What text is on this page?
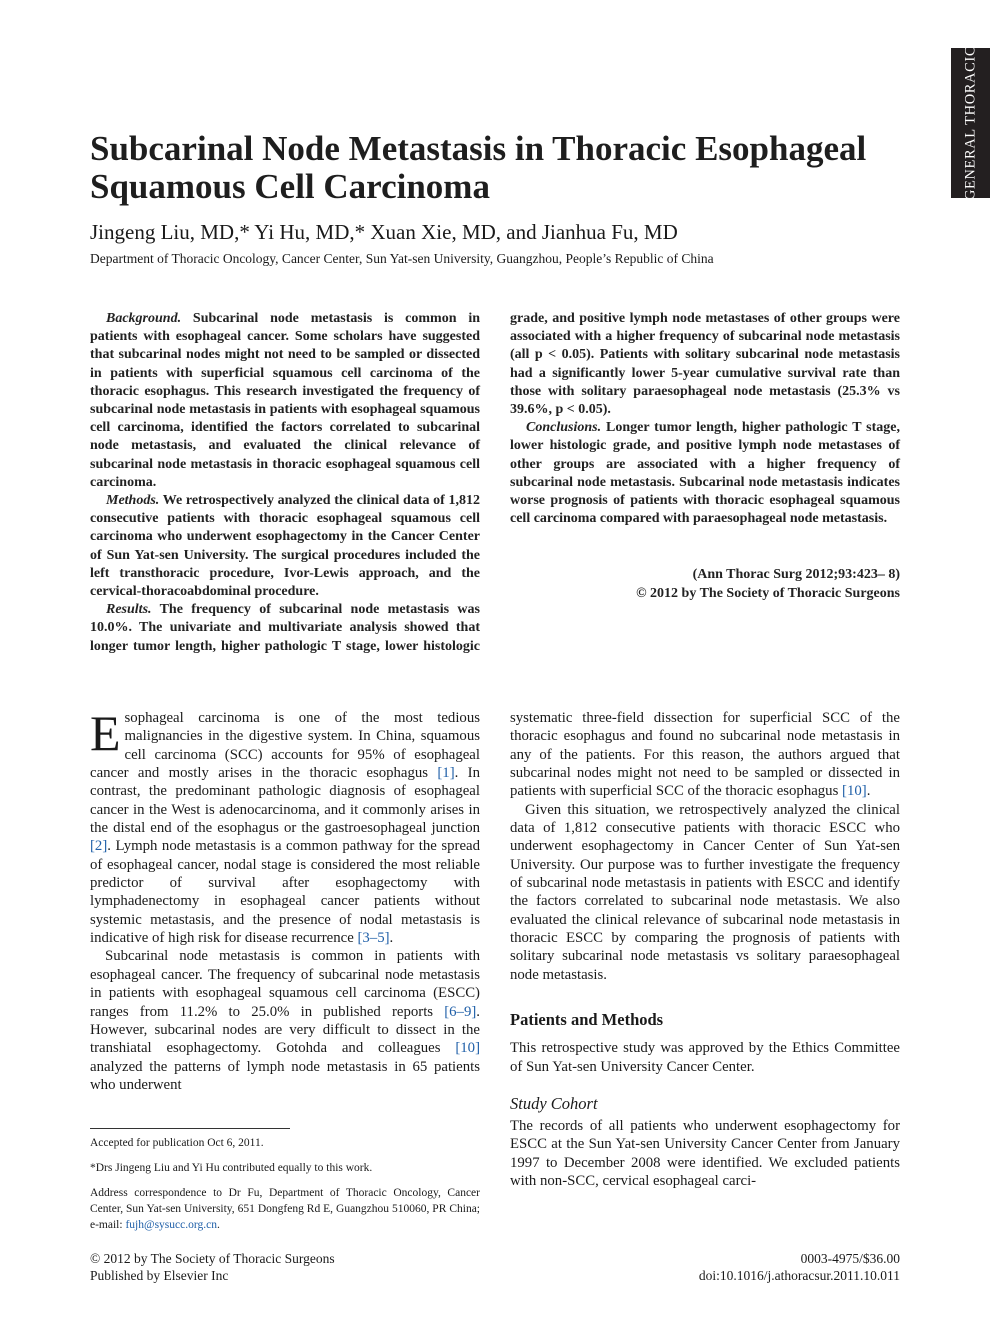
GENERAL THORACIC
Subcarinal Node Metastasis in Thoracic Esophageal Squamous Cell Carcinoma
Jingeng Liu, MD,* Yi Hu, MD,* Xuan Xie, MD, and Jianhua Fu, MD
Department of Thoracic Oncology, Cancer Center, Sun Yat-sen University, Guangzhou, People’s Republic of China

Background. Subcarinal node metastasis is common in patients with esophageal cancer. Some scholars have suggested that subcarinal nodes might not need to be sampled or dissected in patients with superficial squamous cell carcinoma of the thoracic esophagus. This research investigated the frequency of subcarinal node metastasis in patients with esophageal squamous cell carcinoma, identified the factors correlated to subcarinal node metastasis, and evaluated the clinical relevance of subcarinal node metastasis in thoracic esophageal squamous cell carcinoma.

Methods. We retrospectively analyzed the clinical data of 1,812 consecutive patients with thoracic esophageal squamous cell carcinoma who underwent esophagectomy in the Cancer Center of Sun Yat-sen University. The surgical procedures included the left transthoracic procedure, Ivor-Lewis approach, and the cervical-thoracoabdominal procedure.

Results. The frequency of subcarinal node metastasis was 10.0%. The univariate and multivariate analysis showed that longer tumor length, higher pathologic T stage, lower histologic grade, and positive lymph node metastases of other groups were associated with a higher frequency of subcarinal node metastasis (all p < 0.05). Patients with solitary subcarinal node metastasis had a significantly lower 5-year cumulative survival rate than those with solitary paraesophageal node metastasis (25.3% vs 39.6%, p < 0.05).

Conclusions. Longer tumor length, higher pathologic T stage, lower histologic grade, and positive lymph node metastases of other groups are associated with a higher frequency of subcarinal node metastasis. Subcarinal node metastasis indicates worse prognosis of patients with thoracic esophageal squamous cell carcinoma compared with paraesophageal node metastasis.

(Ann Thorac Surg 2012;93:423– 8)
© 2012 by The Society of Thoracic Surgeons

Esophageal carcinoma is one of the most tedious malignancies in the digestive system. In China, squamous cell carcinoma (SCC) accounts for 95% of esophageal cancer and mostly arises in the thoracic esophagus [1]. In contrast, the predominant pathologic diagnosis of esophageal cancer in the West is adenocarcinoma, and it commonly arises in the distal end of the esophagus or the gastroesophageal junction [2]. Lymph node metastasis is a common pathway for the spread of esophageal cancer, nodal stage is considered the most reliable predictor of survival after esophagectomy with lymphadenectomy in esophageal cancer patients without systemic metastasis, and the presence of nodal metastasis is indicative of high risk for disease recurrence [3–5].

Subcarinal node metastasis is common in patients with esophageal cancer. The frequency of subcarinal node metastasis in patients with esophageal squamous cell carcinoma (ESCC) ranges from 11.2% to 25.0% in published reports [6–9]. However, subcarinal nodes are very difficult to dissect in the transhiatal esophagectomy. Gotohda and colleagues [10] analyzed the patterns of lymph node metastasis in 65 patients who underwent

systematic three-field dissection for superficial SCC of the thoracic esophagus and found no subcarinal node metastasis in any of the patients. For this reason, the authors argued that subcarinal nodes might not need to be sampled or dissected in patients with superficial SCC of the thoracic esophagus [10].

Given this situation, we retrospectively analyzed the clinical data of 1,812 consecutive patients with thoracic ESCC who underwent esophagectomy in Cancer Center of Sun Yat-sen University. Our purpose was to further investigate the frequency of subcarinal node metastasis in patients with ESCC and identify the factors correlated to subcarinal node metastasis. We also evaluated the clinical relevance of subcarinal node metastasis in thoracic ESCC by comparing the prognosis of patients with solitary subcarinal node metastasis vs solitary paraesophageal node metastasis.

Patients and Methods

This retrospective study was approved by the Ethics Committee of Sun Yat-sen University Cancer Center.

Study Cohort

The records of all patients who underwent esophagectomy for ESCC at the Sun Yat-sen University Cancer Center from January 1997 to December 2008 were identified. We excluded patients with non-SCC, cervical esophageal carci-

Accepted for publication Oct 6, 2011.

*Drs Jingeng Liu and Yi Hu contributed equally to this work.

Address correspondence to Dr Fu, Department of Thoracic Oncology, Cancer Center, Sun Yat-sen University, 651 Dongfeng Rd E, Guangzhou 510060, PR China; e-mail: fujh@sysucc.org.cn.

© 2012 by The Society of Thoracic Surgeons

Published by Elsevier Inc

0003-4975/$36.00

doi:10.1016/j.athoracsur.2011.10.011
